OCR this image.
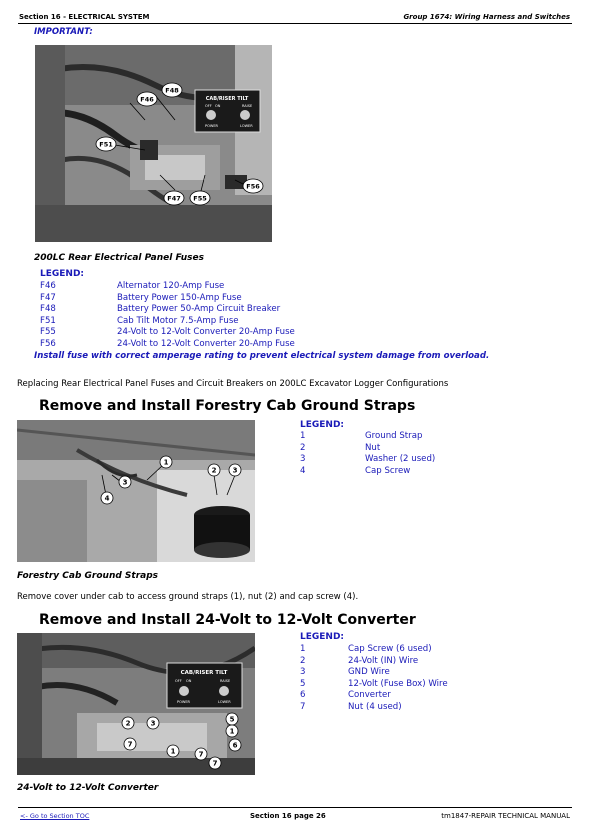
Section 16 - ELECTRICAL SYSTEM	Group 1674: Wiring Harness and Switches
IMPORTANT:
CAB/RISER TILT
OFF ON	RAISE
POWER	LOWER
F48
F46
F51
F47 F55
F56
200LC Rear Electrical Panel Fuses
LEGEND:
F46	Alternator 120-Amp Fuse
F47	Battery Power 150-Amp Fuse
F48	Battery Power 50-Amp Circuit Breaker
F51	Cab Tilt Motor 7.5-Amp Fuse
F55	24-Volt to 12-Volt Converter 20-Amp Fuse
F56	24-Volt to 12-Volt Converter 20-Amp Fuse
Install fuse with correct amperage rating to prevent electrical system damage from overload.
Replacing Rear Electrical Panel Fuses and Circuit Breakers on 200LC Excavator Logger Configurations
Remove and Install Forestry Cab Ground Straps
1
2 3
4
3
LEGEND:
1	Ground Strap
2	Nut
3	Washer (2 used)
4	Cap Screw
Forestry Cab Ground Straps
Remove cover under cab to access ground straps (1), nut (2) and cap screw (4).
Remove and Install 24-Volt to 12-Volt Converter
CAB/RISER TILT
OFF ON	RAISE
POWER	LOWER
2	3
7
1
7
5
6
1
7
LEGEND:
1	Cap Screw (6 used)
2	24-Volt (IN) Wire
3	GND Wire
5	12-Volt (Fuse Box) Wire
6	Converter
7	Nut (4 used)
24-Volt to 12-Volt Converter
<- Go to Section TOC	Section 16 page 26	tm1847-REPAIR TECHNICAL MANUAL
